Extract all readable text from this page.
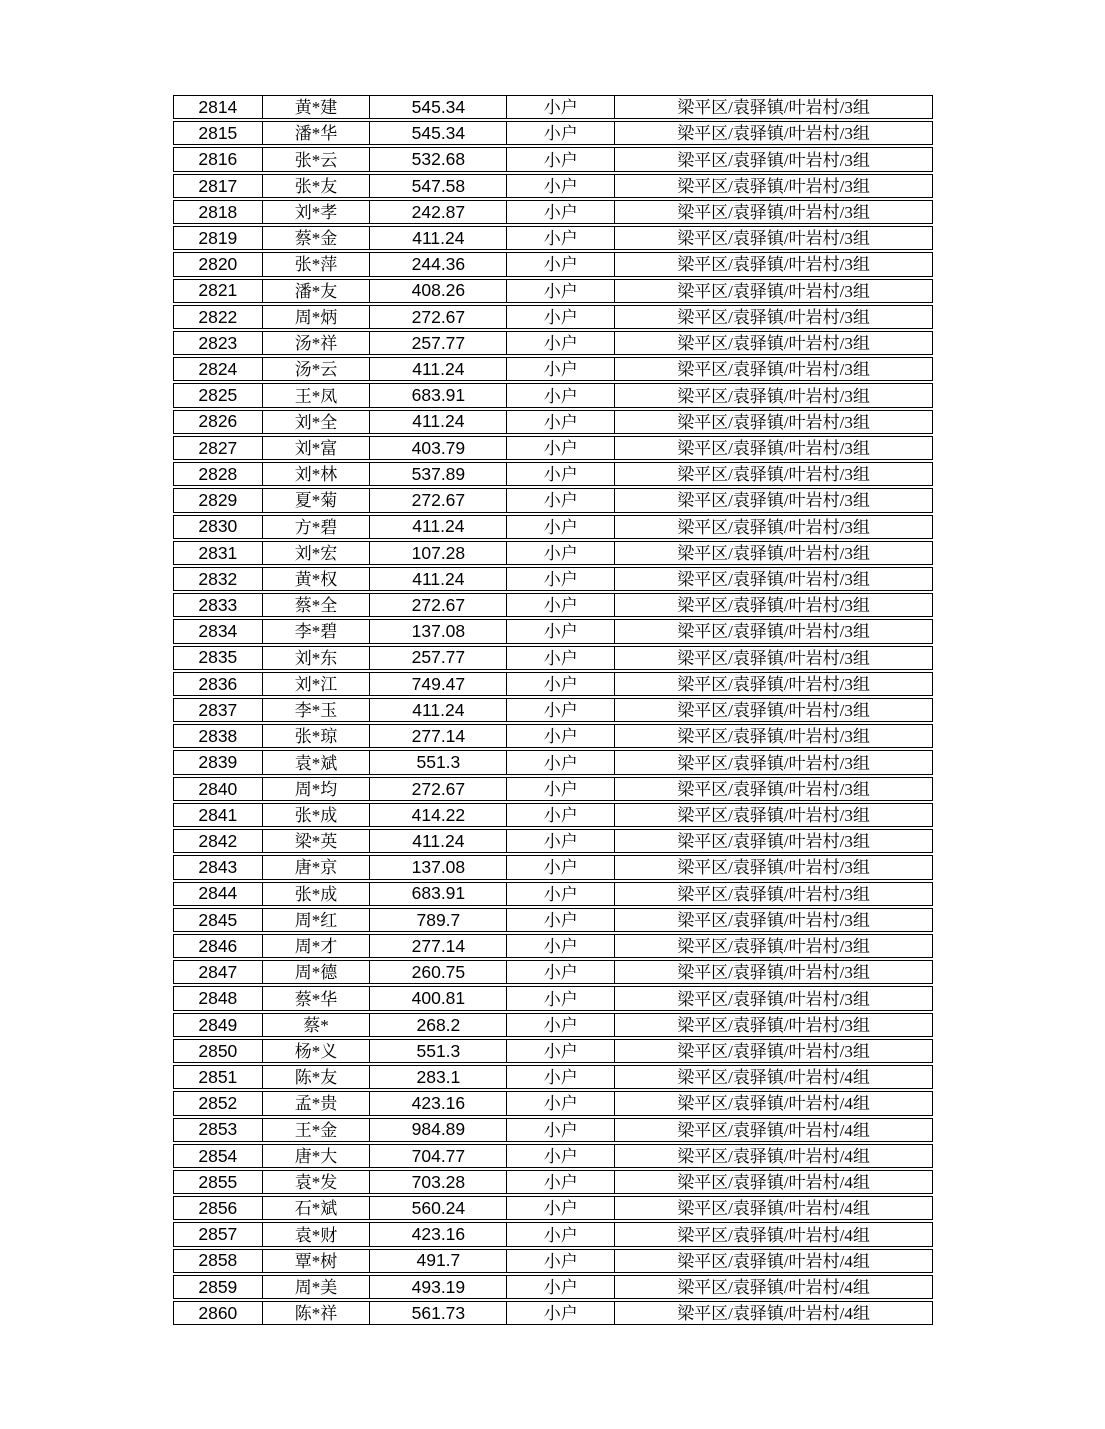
2814	黄*建	545.34	小户	梁平区/袁驿镇/叶岩村/3组
2815	潘*华	545.34	小户	梁平区/袁驿镇/叶岩村/3组
2816	张*云	532.68	小户	梁平区/袁驿镇/叶岩村/3组
2817	张*友	547.58	小户	梁平区/袁驿镇/叶岩村/3组
2818	刘*孝	242.87	小户	梁平区/袁驿镇/叶岩村/3组
2819	蔡*金	411.24	小户	梁平区/袁驿镇/叶岩村/3组
2820	张*萍	244.36	小户	梁平区/袁驿镇/叶岩村/3组
2821	潘*友	408.26	小户	梁平区/袁驿镇/叶岩村/3组
2822	周*炳	272.67	小户	梁平区/袁驿镇/叶岩村/3组
2823	汤*祥	257.77	小户	梁平区/袁驿镇/叶岩村/3组
2824	汤*云	411.24	小户	梁平区/袁驿镇/叶岩村/3组
2825	王*凤	683.91	小户	梁平区/袁驿镇/叶岩村/3组
2826	刘*全	411.24	小户	梁平区/袁驿镇/叶岩村/3组
2827	刘*富	403.79	小户	梁平区/袁驿镇/叶岩村/3组
2828	刘*林	537.89	小户	梁平区/袁驿镇/叶岩村/3组
2829	夏*菊	272.67	小户	梁平区/袁驿镇/叶岩村/3组
2830	方*碧	411.24	小户	梁平区/袁驿镇/叶岩村/3组
2831	刘*宏	107.28	小户	梁平区/袁驿镇/叶岩村/3组
2832	黄*权	411.24	小户	梁平区/袁驿镇/叶岩村/3组
2833	蔡*全	272.67	小户	梁平区/袁驿镇/叶岩村/3组
2834	李*碧	137.08	小户	梁平区/袁驿镇/叶岩村/3组
2835	刘*东	257.77	小户	梁平区/袁驿镇/叶岩村/3组
2836	刘*江	749.47	小户	梁平区/袁驿镇/叶岩村/3组
2837	李*玉	411.24	小户	梁平区/袁驿镇/叶岩村/3组
2838	张*琼	277.14	小户	梁平区/袁驿镇/叶岩村/3组
2839	袁*斌	551.3	小户	梁平区/袁驿镇/叶岩村/3组
2840	周*均	272.67	小户	梁平区/袁驿镇/叶岩村/3组
2841	张*成	414.22	小户	梁平区/袁驿镇/叶岩村/3组
2842	梁*英	411.24	小户	梁平区/袁驿镇/叶岩村/3组
2843	唐*京	137.08	小户	梁平区/袁驿镇/叶岩村/3组
2844	张*成	683.91	小户	梁平区/袁驿镇/叶岩村/3组
2845	周*红	789.7	小户	梁平区/袁驿镇/叶岩村/3组
2846	周*才	277.14	小户	梁平区/袁驿镇/叶岩村/3组
2847	周*德	260.75	小户	梁平区/袁驿镇/叶岩村/3组
2848	蔡*华	400.81	小户	梁平区/袁驿镇/叶岩村/3组
2849	蔡*	268.2	小户	梁平区/袁驿镇/叶岩村/3组
2850	杨*义	551.3	小户	梁平区/袁驿镇/叶岩村/3组
2851	陈*友	283.1	小户	梁平区/袁驿镇/叶岩村/4组
2852	孟*贵	423.16	小户	梁平区/袁驿镇/叶岩村/4组
2853	王*金	984.89	小户	梁平区/袁驿镇/叶岩村/4组
2854	唐*大	704.77	小户	梁平区/袁驿镇/叶岩村/4组
2855	袁*发	703.28	小户	梁平区/袁驿镇/叶岩村/4组
2856	石*斌	560.24	小户	梁平区/袁驿镇/叶岩村/4组
2857	袁*财	423.16	小户	梁平区/袁驿镇/叶岩村/4组
2858	覃*树	491.7	小户	梁平区/袁驿镇/叶岩村/4组
2859	周*美	493.19	小户	梁平区/袁驿镇/叶岩村/4组
2860	陈*祥	561.73	小户	梁平区/袁驿镇/叶岩村/4组
